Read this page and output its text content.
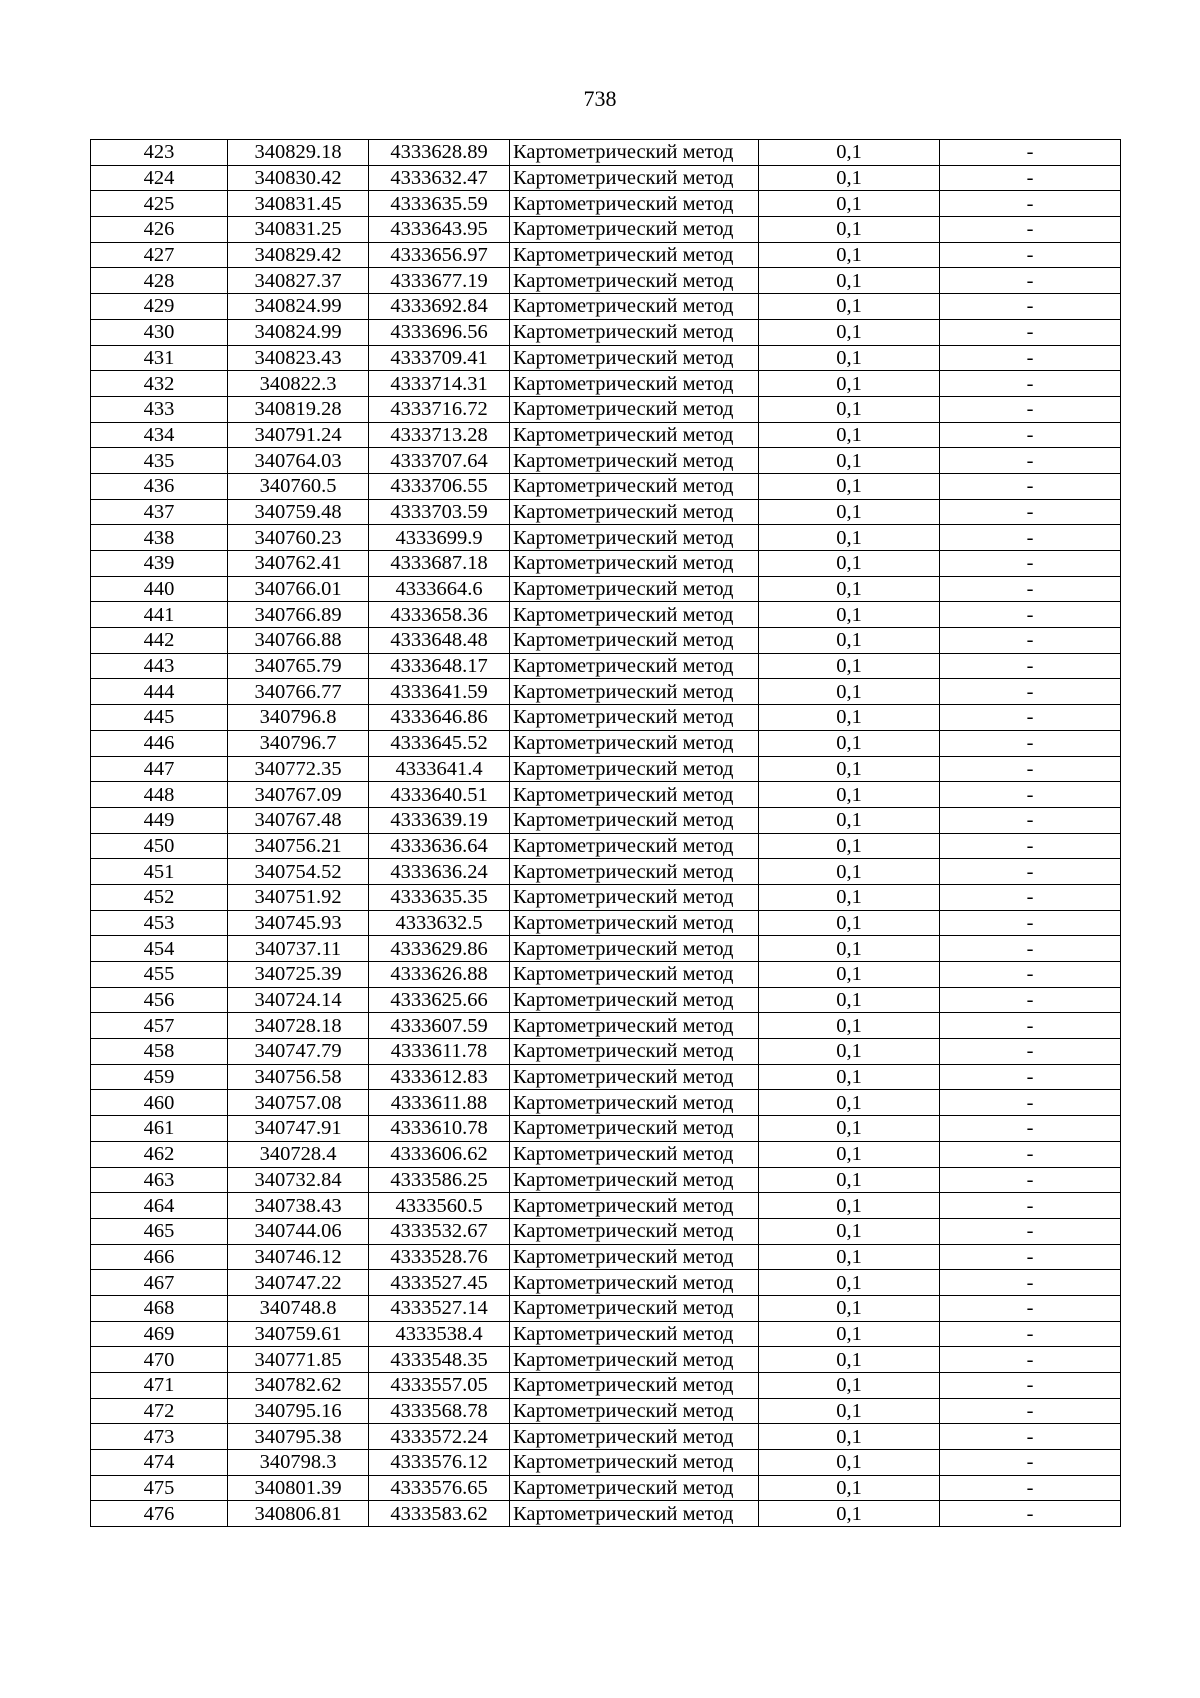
738
423	340829.18	4333628.89	Картометрический метод	0,1	-
424	340830.42	4333632.47	Картометрический метод	0,1	-
425	340831.45	4333635.59	Картометрический метод	0,1	-
426	340831.25	4333643.95	Картометрический метод	0,1	-
427	340829.42	4333656.97	Картометрический метод	0,1	-
428	340827.37	4333677.19	Картометрический метод	0,1	-
429	340824.99	4333692.84	Картометрический метод	0,1	-
430	340824.99	4333696.56	Картометрический метод	0,1	-
431	340823.43	4333709.41	Картометрический метод	0,1	-
432	340822.3	4333714.31	Картометрический метод	0,1	-
433	340819.28	4333716.72	Картометрический метод	0,1	-
434	340791.24	4333713.28	Картометрический метод	0,1	-
435	340764.03	4333707.64	Картометрический метод	0,1	-
436	340760.5	4333706.55	Картометрический метод	0,1	-
437	340759.48	4333703.59	Картометрический метод	0,1	-
438	340760.23	4333699.9	Картометрический метод	0,1	-
439	340762.41	4333687.18	Картометрический метод	0,1	-
440	340766.01	4333664.6	Картометрический метод	0,1	-
441	340766.89	4333658.36	Картометрический метод	0,1	-
442	340766.88	4333648.48	Картометрический метод	0,1	-
443	340765.79	4333648.17	Картометрический метод	0,1	-
444	340766.77	4333641.59	Картометрический метод	0,1	-
445	340796.8	4333646.86	Картометрический метод	0,1	-
446	340796.7	4333645.52	Картометрический метод	0,1	-
447	340772.35	4333641.4	Картометрический метод	0,1	-
448	340767.09	4333640.51	Картометрический метод	0,1	-
449	340767.48	4333639.19	Картометрический метод	0,1	-
450	340756.21	4333636.64	Картометрический метод	0,1	-
451	340754.52	4333636.24	Картометрический метод	0,1	-
452	340751.92	4333635.35	Картометрический метод	0,1	-
453	340745.93	4333632.5	Картометрический метод	0,1	-
454	340737.11	4333629.86	Картометрический метод	0,1	-
455	340725.39	4333626.88	Картометрический метод	0,1	-
456	340724.14	4333625.66	Картометрический метод	0,1	-
457	340728.18	4333607.59	Картометрический метод	0,1	-
458	340747.79	4333611.78	Картометрический метод	0,1	-
459	340756.58	4333612.83	Картометрический метод	0,1	-
460	340757.08	4333611.88	Картометрический метод	0,1	-
461	340747.91	4333610.78	Картометрический метод	0,1	-
462	340728.4	4333606.62	Картометрический метод	0,1	-
463	340732.84	4333586.25	Картометрический метод	0,1	-
464	340738.43	4333560.5	Картометрический метод	0,1	-
465	340744.06	4333532.67	Картометрический метод	0,1	-
466	340746.12	4333528.76	Картометрический метод	0,1	-
467	340747.22	4333527.45	Картометрический метод	0,1	-
468	340748.8	4333527.14	Картометрический метод	0,1	-
469	340759.61	4333538.4	Картометрический метод	0,1	-
470	340771.85	4333548.35	Картометрический метод	0,1	-
471	340782.62	4333557.05	Картометрический метод	0,1	-
472	340795.16	4333568.78	Картометрический метод	0,1	-
473	340795.38	4333572.24	Картометрический метод	0,1	-
474	340798.3	4333576.12	Картометрический метод	0,1	-
475	340801.39	4333576.65	Картометрический метод	0,1	-
476	340806.81	4333583.62	Картометрический метод	0,1	-
